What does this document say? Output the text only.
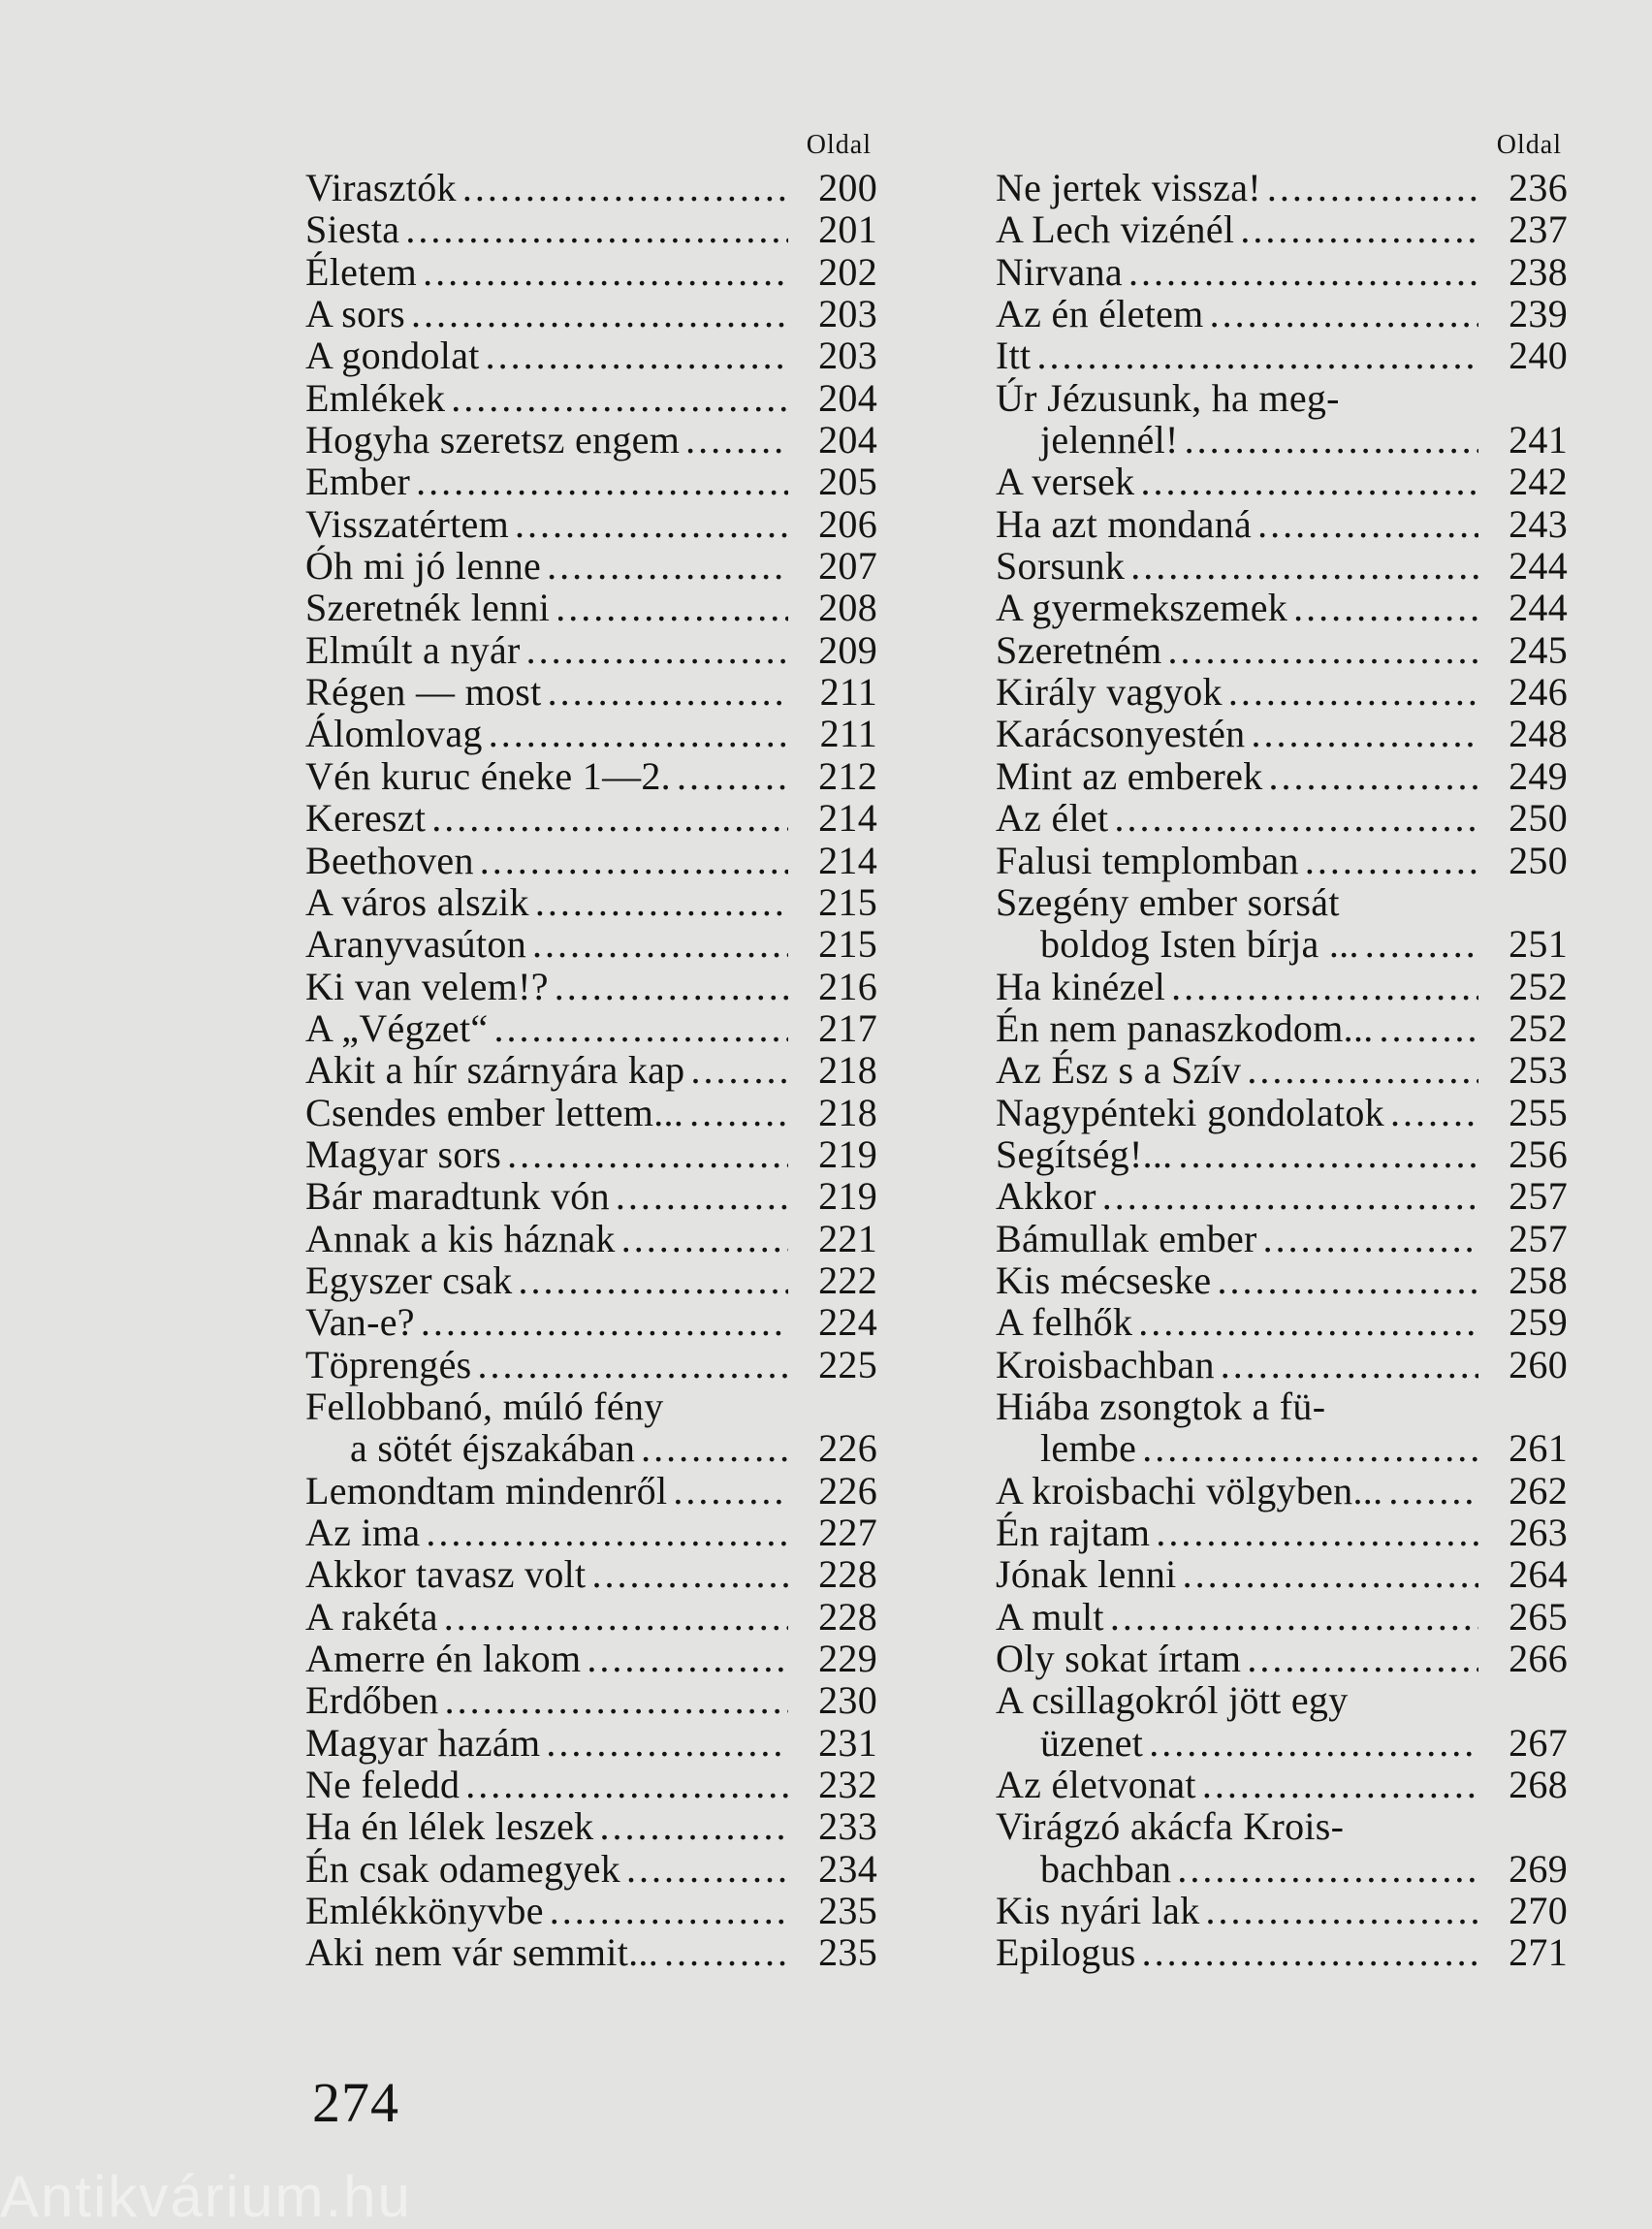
Oldal
Virasztók .....	200
Siesta .....	201
Életem .....	202
A sors .....	203
A gondolat .....	203
Emlékek .....	204
Hogyha szeretsz engem .....	204
Ember .....	205
Visszatértem .....	206
Óh mi jó lenne .....	207
Szeretnék lenni .....	208
Elmúlt a nyár .....	209
Régen — most .....	211
Álomlovag .....	211
Vén kuruc éneke 1—2. .....	212
Kereszt .....	214
Beethoven .....	214
A város alszik .....	215
Aranyvasúton .....	215
Ki van velem!? .....	216
A „Végzet“ .....	217
Akit a hír szárnyára kap .....	218
Csendes ember lettem... .....	218
Magyar sors .....	219
Bár maradtunk vón .....	219
Annak a kis háznak .....	221
Egyszer csak .....	222
Van-e? .....	224
Töprengés .....	225
Fellobbanó, múló fény
a sötét éjszakában .....	226
Lemondtam mindenről .....	226
Az ima .....	227
Akkor tavasz volt .....	228
A rakéta .....	228
Amerre én lakom .....	229
Erdőben .....	230
Magyar hazám .....	231
Ne feledd .....	232
Ha én lélek leszek .....	233
Én csak odamegyek .....	234
Emlékkönyvbe .....	235
Aki nem vár semmit... .....	235
Oldal
Ne jertek vissza! .....	236
A Lech vizénél .....	237
Nirvana .....	238
Az én életem .....	239
Itt .....	240
Úr Jézusunk, ha meg-
jelennél! .....	241
A versek .....	242
Ha azt mondaná .....	243
Sorsunk .....	244
A gyermekszemek .....	244
Szeretném .....	245
Király vagyok .....	246
Karácsonyestén .....	248
Mint az emberek .....	249
Az élet .....	250
Falusi templomban .....	250
Szegény ember sorsát
boldog Isten bírja ... .....	251
Ha kinézel .....	252
Én nem panaszkodom... .....	252
Az Ész s a Szív .....	253
Nagypénteki gondolatok .....	255
Segítség!... .....	256
Akkor .....	257
Bámullak ember .....	257
Kis mécseske .....	258
A felhők .....	259
Kroisbachban .....	260
Hiába zsongtok a fü-
lembe .....	261
A kroisbachi völgyben... .....	262
Én rajtam .....	263
Jónak lenni .....	264
A mult .....	265
Oly sokat írtam .....	266
A csillagokról jött egy
üzenet .....	267
Az életvonat .....	268
Virágzó akácfa Krois-
bachban .....	269
Kis nyári lak .....	270
Epilogus .....	271
274
Antikvárium.hu
